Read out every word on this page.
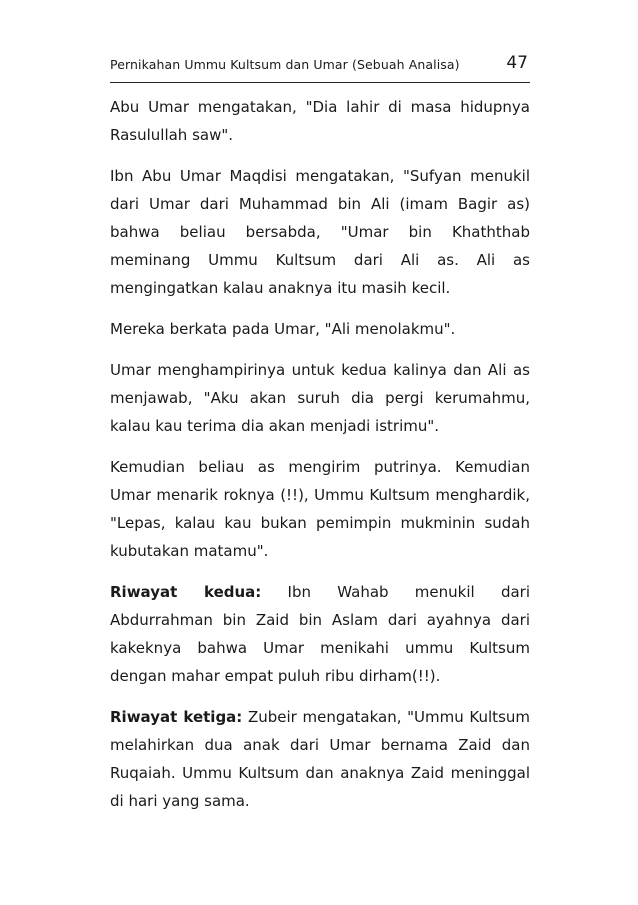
Pernikahan Ummu Kultsum dan Umar (Sebuah Analisa)	47

Abu Umar mengatakan, "Dia lahir di masa hidupnya Rasulullah saw".

Ibn Abu Umar Maqdisi mengatakan, "Sufyan menukil dari Umar dari Muhammad bin Ali (imam Bagir as) bahwa beliau bersabda, "Umar bin Khaththab meminang Ummu Kultsum dari Ali as. Ali as mengingatkan kalau anaknya itu masih kecil.

Mereka berkata pada Umar, "Ali menolakmu".

Umar menghampirinya untuk kedua kalinya dan Ali as menjawab, "Aku akan suruh dia pergi kerumahmu, kalau kau terima dia akan menjadi istrimu".

Kemudian beliau as mengirim putrinya. Kemudian Umar menarik roknya (!!), Ummu Kultsum menghardik, "Lepas, kalau kau bukan pemimpin mukminin sudah kubutakan matamu".

Riwayat kedua: Ibn Wahab menukil dari Abdurrahman bin Zaid bin Aslam dari ayahnya dari kakeknya bahwa Umar menikahi ummu Kultsum dengan mahar empat puluh ribu dirham(!!).

Riwayat ketiga: Zubeir mengatakan, "Ummu Kultsum melahirkan dua anak dari Umar bernama Zaid dan Ruqaiah. Ummu Kultsum dan anaknya Zaid meninggal di hari yang sama.
